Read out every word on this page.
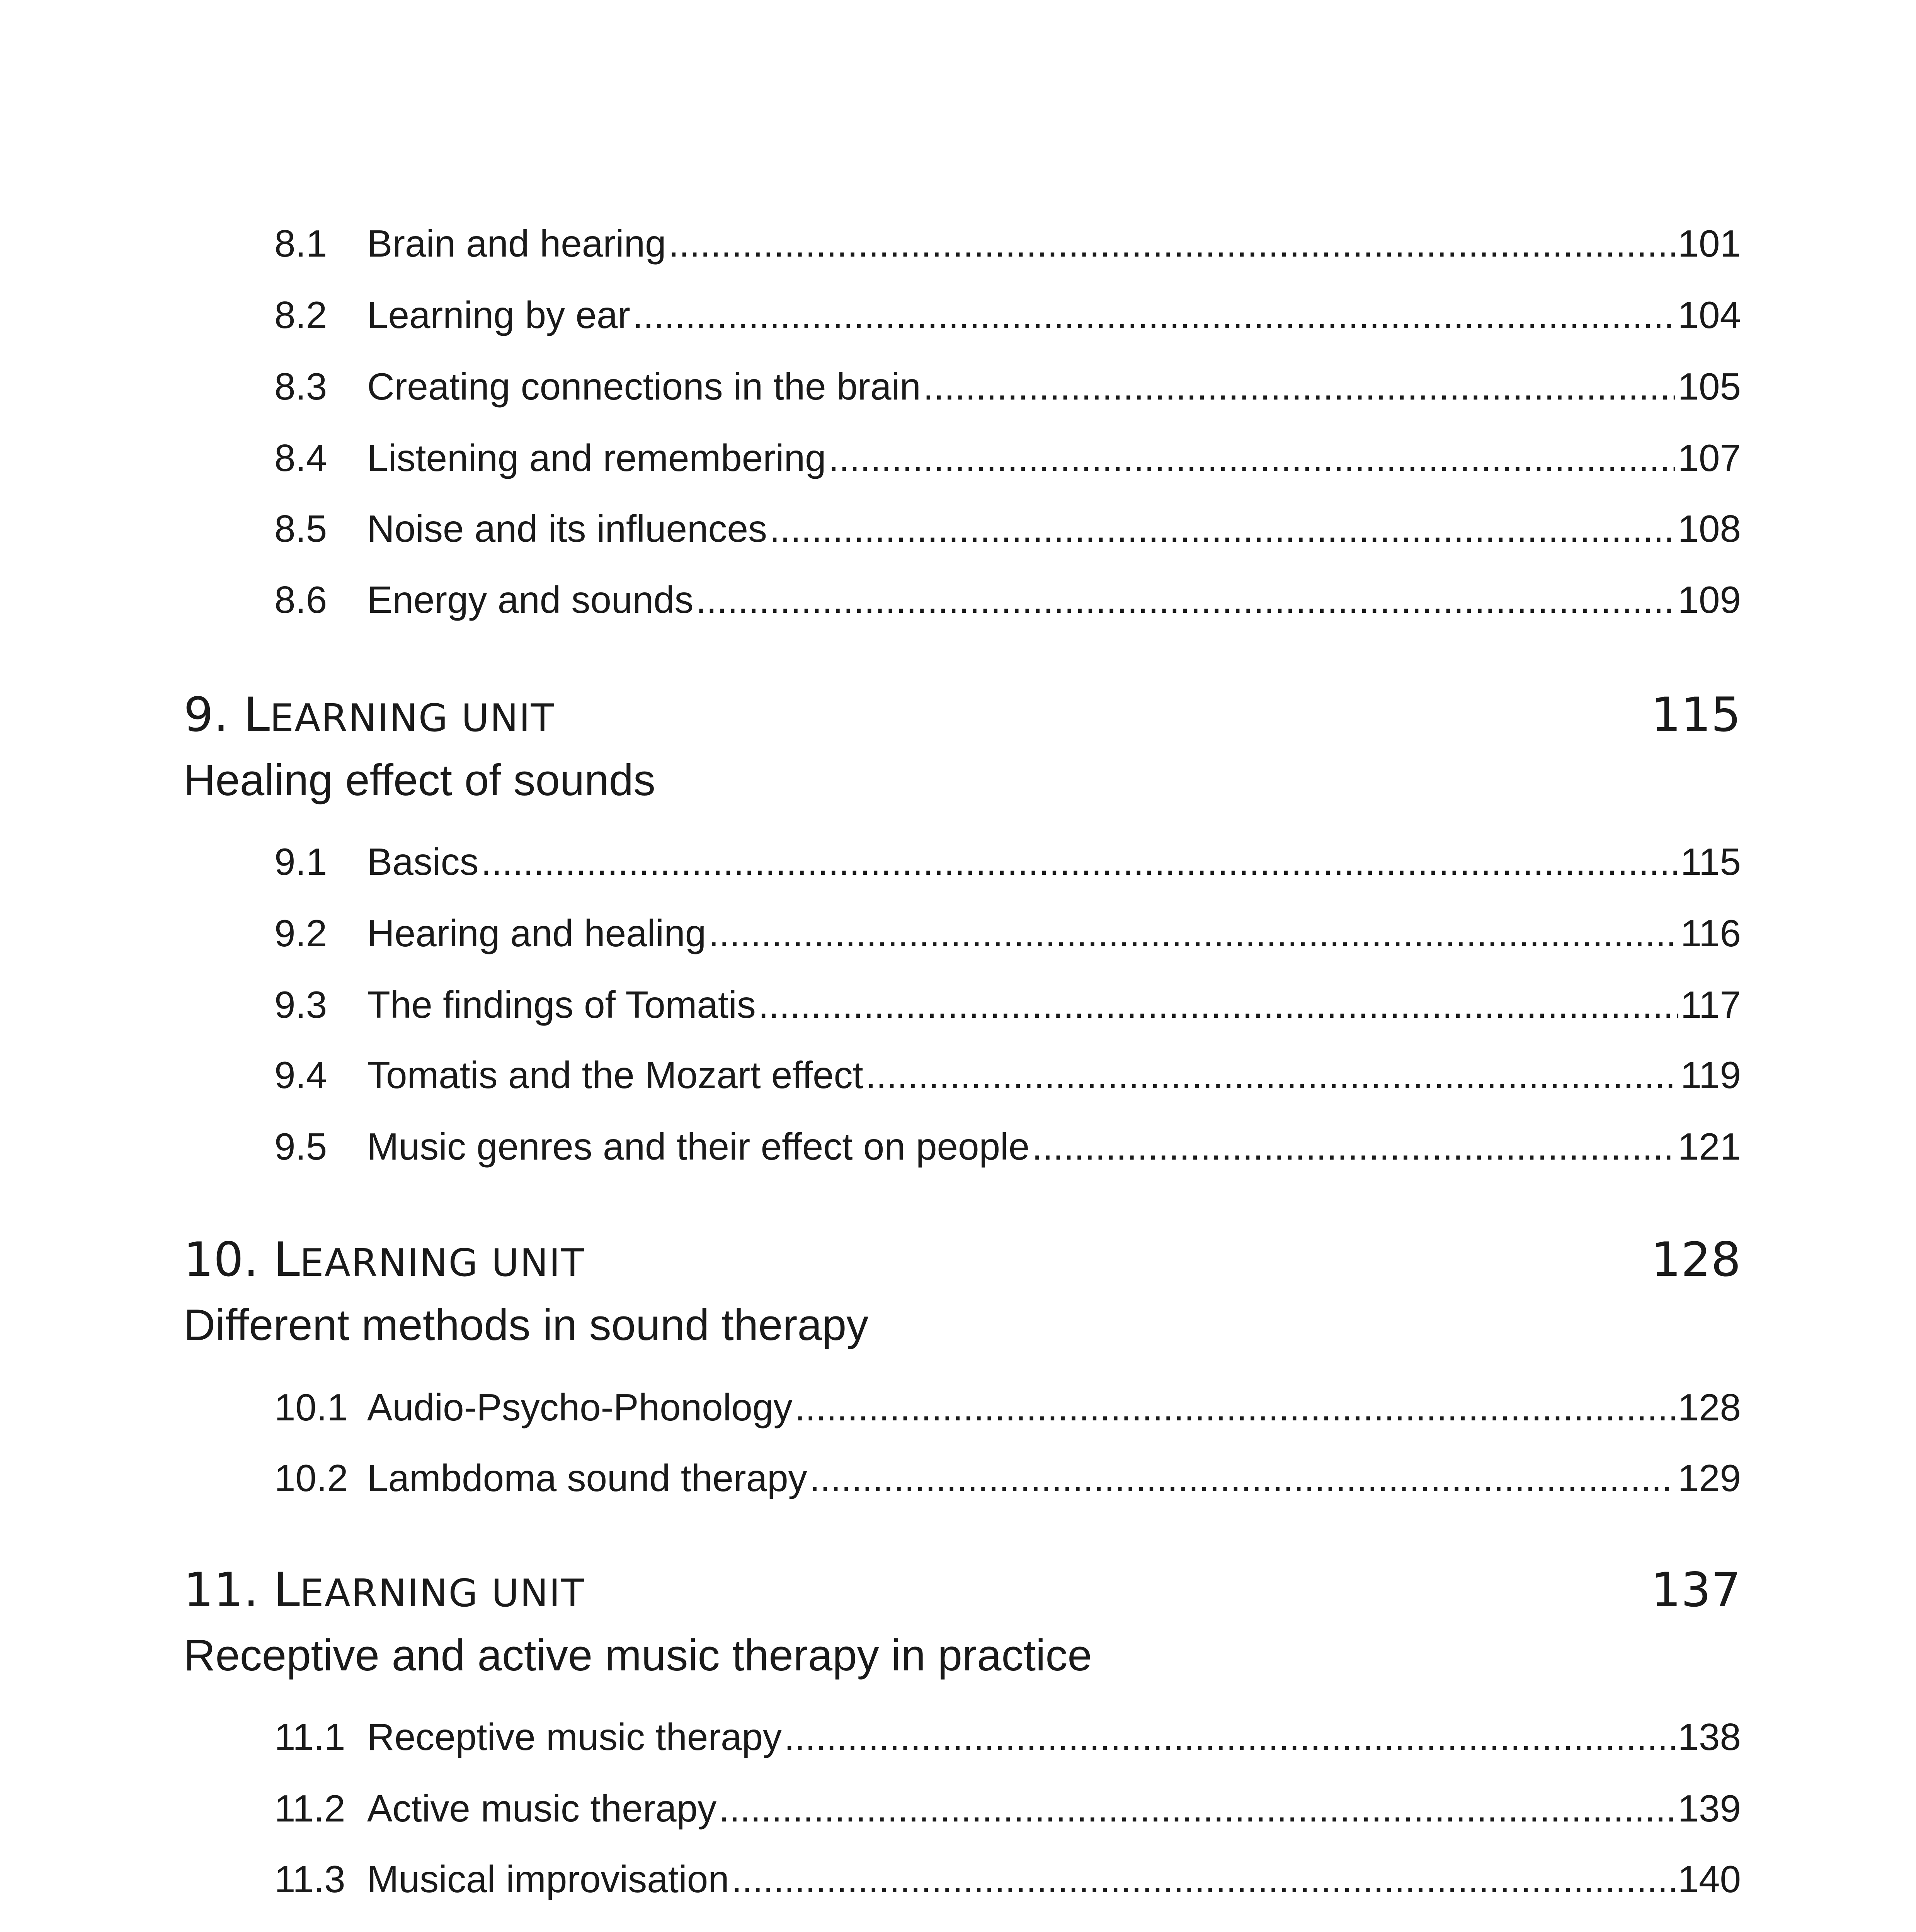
8.1	Brain and hearing .....	101
8.2	Learning by ear .....	104
8.3	Creating connections in the brain .....	105
8.4	Listening and remembering .....	107
8.5	Noise and its influences .....	108
8.6	Energy and sounds .....	109
9. LEARNING UNIT	115
Healing effect of sounds
9.1	Basics .....	115
9.2	Hearing and healing .....	116
9.3	The findings of Tomatis .....	117
9.4	Tomatis and the Mozart effect .....	119
9.5	Music genres and their effect on people .....	121
10. LEARNING UNIT	128
Different methods in sound therapy
10.1 Audio-Psycho-Phonology .....	128
10.2 Lambdoma sound therapy .....	129
11. LEARNING UNIT	137
Receptive and active music therapy in practice
11.1 Receptive music therapy .....	138
11.2 Active music therapy .....	139
11.3 Musical improvisation .....	140
